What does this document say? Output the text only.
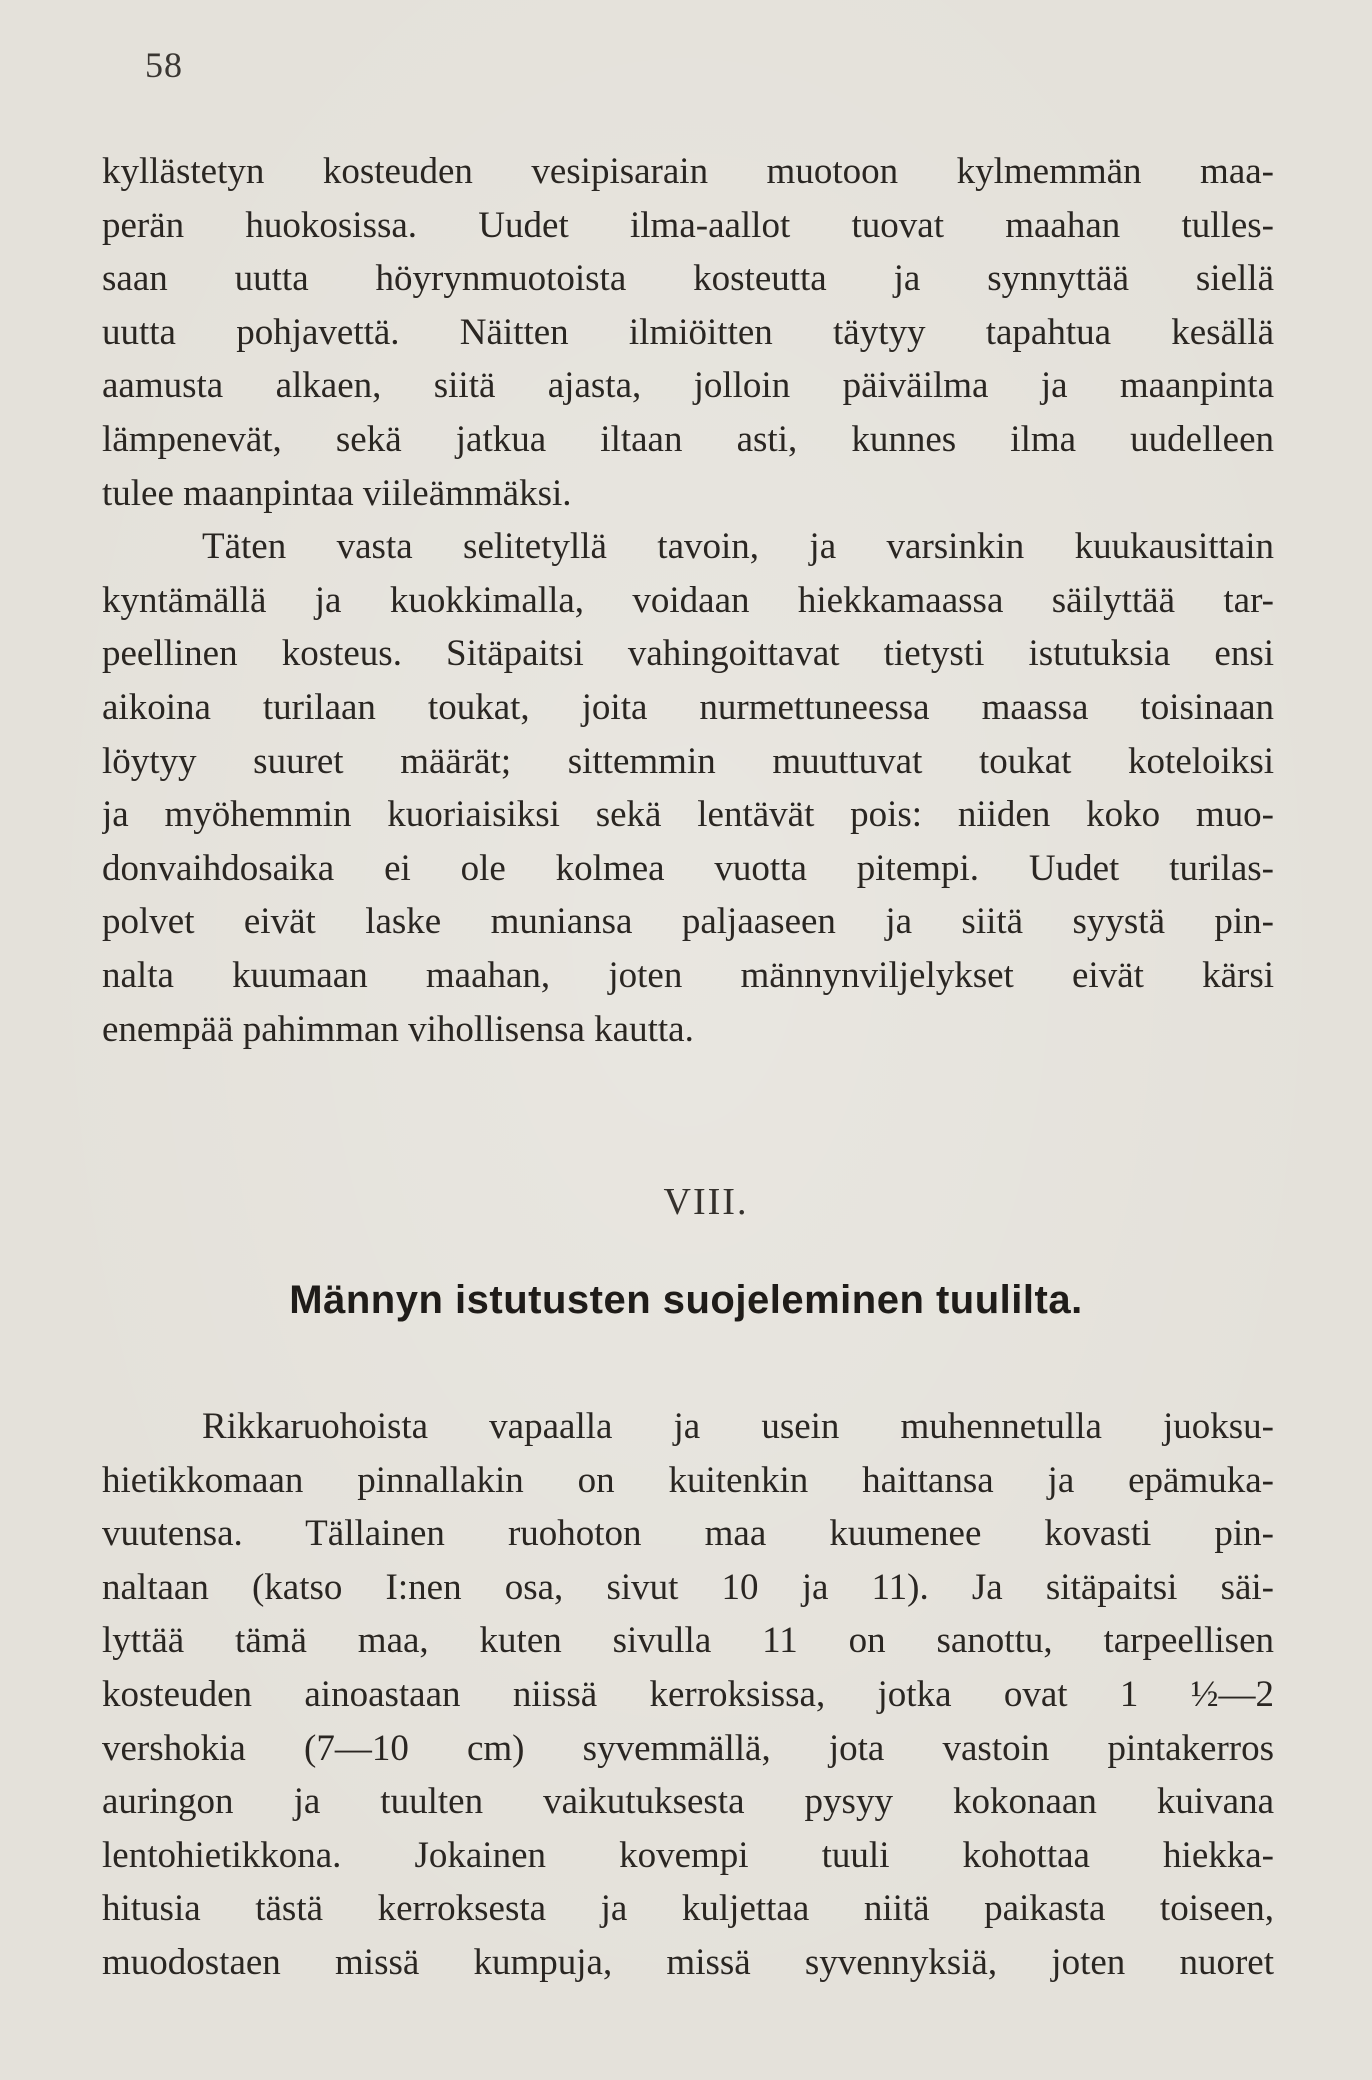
58
kyllästetyn kosteuden vesipisarain muotoon kylmemmän maa-
perän huokosissa. Uudet ilma-aallot tuovat maahan tulles-
saan uutta höyrynmuotoista kosteutta ja synnyttää siellä
uutta pohjavettä. Näitten ilmiöitten täytyy tapahtua kesällä
aamusta alkaen, siitä ajasta, jolloin päiväilma ja maanpinta
lämpenevät, sekä jatkua iltaan asti, kunnes ilma uudelleen
tulee maanpintaa viileämmäksi.
Täten vasta selitetyllä tavoin, ja varsinkin kuukausittain
kyntämällä ja kuokkimalla, voidaan hiekkamaassa säilyttää tar-
peellinen kosteus. Sitäpaitsi vahingoittavat tietysti istutuksia ensi
aikoina turilaan toukat, joita nurmettuneessa maassa toisinaan
löytyy suuret määrät; sittemmin muuttuvat toukat koteloiksi
ja myöhemmin kuoriaisiksi sekä lentävät pois: niiden koko muo-
donvaihdosaika ei ole kolmea vuotta pitempi. Uudet turilas-
polvet eivät laske muniansa paljaaseen ja siitä syystä pin-
nalta kuumaan maahan, joten männynviljelykset eivät kärsi
enempää pahimman vihollisensa kautta.
VIII.
Männyn istutusten suojeleminen tuulilta.
Rikkaruohoista vapaalla ja usein muhennetulla juoksu-
hietikkomaan pinnallakin on kuitenkin haittansa ja epämuka-
vuutensa. Tällainen ruohoton maa kuumenee kovasti pin-
naltaan (katso I:nen osa, sivut 10 ja 11). Ja sitäpaitsi säi-
lyttää tämä maa, kuten sivulla 11 on sanottu, tarpeellisen
kosteuden ainoastaan niissä kerroksissa, jotka ovat 1 ½—2
vershokia (7—10 cm) syvemmällä, jota vastoin pintakerros
auringon ja tuulten vaikutuksesta pysyy kokonaan kuivana
lentohietikkona. Jokainen kovempi tuuli kohottaa hiekka-
hitusia tästä kerroksesta ja kuljettaa niitä paikasta toiseen,
muodostaen missä kumpuja, missä syvennyksiä, joten nuoret
